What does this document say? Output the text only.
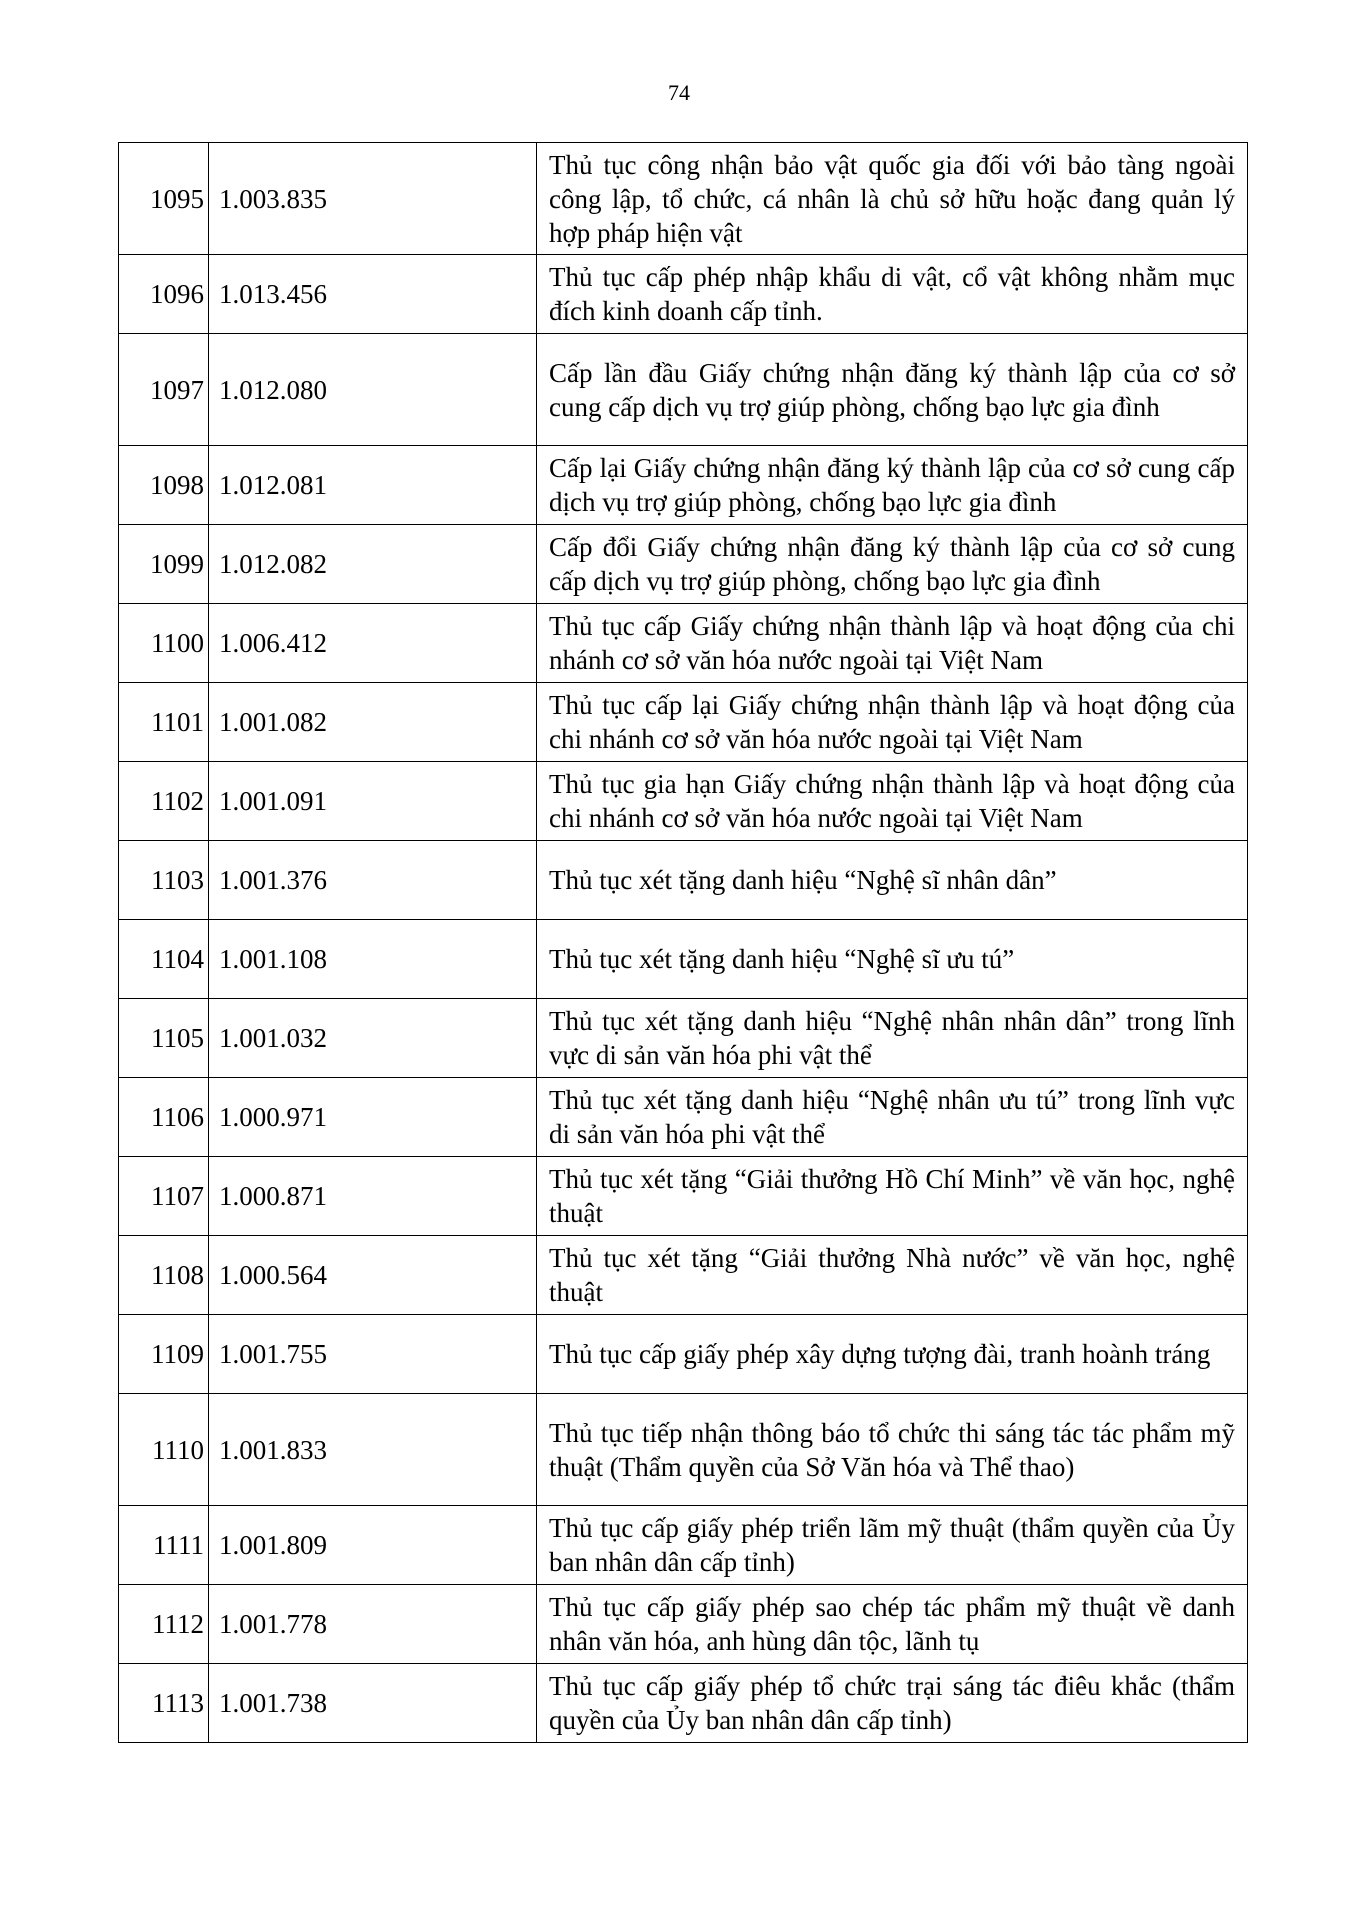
74
1095	1.003.835	Thủ tục công nhận bảo vật quốc gia đối với bảo tàng ngoài công lập, tổ chức, cá nhân là chủ sở hữu hoặc đang quản lý hợp pháp hiện vật
1096	1.013.456	Thủ tục cấp phép nhập khẩu di vật, cổ vật không nhằm mục đích kinh doanh cấp tỉnh.
1097	1.012.080	Cấp lần đầu Giấy chứng nhận đăng ký thành lập của cơ sở cung cấp dịch vụ trợ giúp phòng, chống bạo lực gia đình
1098	1.012.081	Cấp lại Giấy chứng nhận đăng ký thành lập của cơ sở cung cấp dịch vụ trợ giúp phòng, chống bạo lực gia đình
1099	1.012.082	Cấp đổi Giấy chứng nhận đăng ký thành lập của cơ sở cung cấp dịch vụ trợ giúp phòng, chống bạo lực gia đình
1100	1.006.412	Thủ tục cấp Giấy chứng nhận thành lập và hoạt động của chi nhánh cơ sở văn hóa nước ngoài tại Việt Nam
1101	1.001.082	Thủ tục cấp lại Giấy chứng nhận thành lập và hoạt động của chi nhánh cơ sở văn hóa nước ngoài tại Việt Nam
1102	1.001.091	Thủ tục gia hạn Giấy chứng nhận thành lập và hoạt động của chi nhánh cơ sở văn hóa nước ngoài tại Việt Nam
1103	1.001.376	Thủ tục xét tặng danh hiệu “Nghệ sĩ nhân dân”
1104	1.001.108	Thủ tục xét tặng danh hiệu “Nghệ sĩ ưu tú”
1105	1.001.032	Thủ tục xét tặng danh hiệu “Nghệ nhân nhân dân” trong lĩnh vực di sản văn hóa phi vật thể
1106	1.000.971	Thủ tục xét tặng danh hiệu “Nghệ nhân ưu tú” trong lĩnh vực di sản văn hóa phi vật thể
1107	1.000.871	Thủ tục xét tặng “Giải thưởng Hồ Chí Minh” về văn học, nghệ thuật
1108	1.000.564	Thủ tục xét tặng “Giải thưởng Nhà nước” về văn học, nghệ thuật
1109	1.001.755	Thủ tục cấp giấy phép xây dựng tượng đài, tranh hoành tráng
1110	1.001.833	Thủ tục tiếp nhận thông báo tổ chức thi sáng tác tác phẩm mỹ thuật (Thẩm quyền của Sở Văn hóa và Thể thao)
1111	1.001.809	Thủ tục cấp giấy phép triển lãm mỹ thuật (thẩm quyền của Ủy ban nhân dân cấp tỉnh)
1112	1.001.778	Thủ tục cấp giấy phép sao chép tác phẩm mỹ thuật về danh nhân văn hóa, anh hùng dân tộc, lãnh tụ
1113	1.001.738	Thủ tục cấp giấy phép tổ chức trại sáng tác điêu khắc (thẩm quyền của Ủy ban nhân dân cấp tỉnh)
